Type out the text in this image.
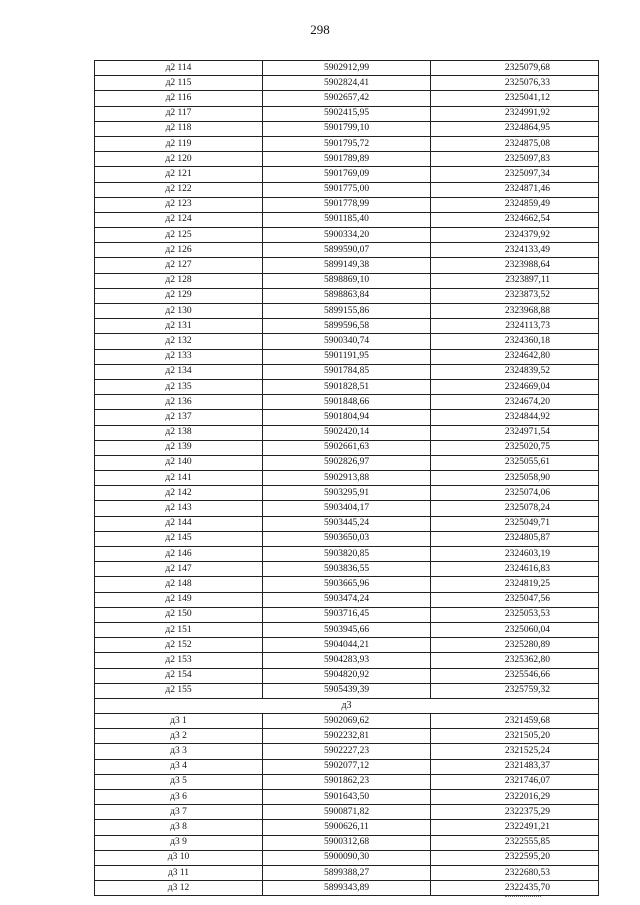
298
д2 114	5902912,99	2325079,68
д2 115	5902824,41	2325076,33
д2 116	5902657,42	2325041,12
д2 117	5902415,95	2324991,92
д2 118	5901799,10	2324864,95
д2 119	5901795,72	2324875,08
д2 120	5901789,89	2325097,83
д2 121	5901769,09	2325097,34
д2 122	5901775,00	2324871,46
д2 123	5901778,99	2324859,49
д2 124	5901185,40	2324662,54
д2 125	5900334,20	2324379,92
д2 126	5899590,07	2324133,49
д2 127	5899149,38	2323988,64
д2 128	5898869,10	2323897,11
д2 129	5898863,84	2323873,52
д2 130	5899155,86	2323968,88
д2 131	5899596,58	2324113,73
д2 132	5900340,74	2324360,18
д2 133	5901191,95	2324642,80
д2 134	5901784,85	2324839,52
д2 135	5901828,51	2324669,04
д2 136	5901848,66	2324674,20
д2 137	5901804,94	2324844,92
д2 138	5902420,14	2324971,54
д2 139	5902661,63	2325020,75
д2 140	5902826,97	2325055,61
д2 141	5902913,88	2325058,90
д2 142	5903295,91	2325074,06
д2 143	5903404,17	2325078,24
д2 144	5903445,24	2325049,71
д2 145	5903650,03	2324805,87
д2 146	5903820,85	2324603,19
д2 147	5903836,55	2324616,83
д2 148	5903665,96	2324819,25
д2 149	5903474,24	2325047,56
д2 150	5903716,45	2325053,53
д2 151	5903945,66	2325060,04
д2 152	5904044,21	2325280,89
д2 153	5904283,93	2325362,80
д2 154	5904820,92	2325546,66
д2 155	5905439,39	2325759,32
д3		
д3 1	5902069,62	2321459,68
д3 2	5902232,81	2321505,20
д3 3	5902227,23	2321525,24
д3 4	5902077,12	2321483,37
д3 5	5901862,23	2321746,07
д3 6	5901643,50	2322016,29
д3 7	5900871,82	2322375,29
д3 8	5900626,11	2322491,21
д3 9	5900312,68	2322555,85
д3 10	5900090,30	2322595,20
д3 11	5899388,27	2322680,53
д3 12	5899343,89	2322435,70
